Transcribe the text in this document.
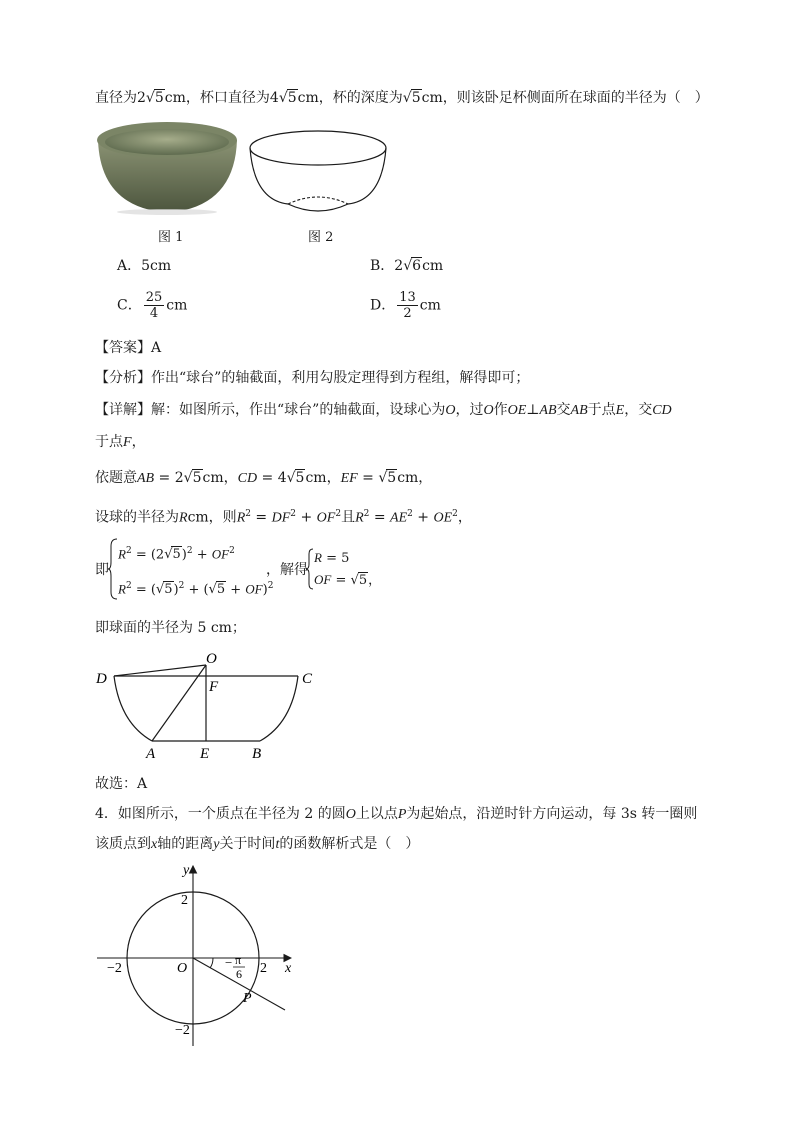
直径为2√5cm，杯口直径为4√5cm，杯的深度为√5cm，则该卧足杯侧面所在球面的半径为（　）
图 1	图 2
A．5cm	B．2√6cm
C． $\frac{25}{4}$ cm	D． $\frac{13}{2}$ cm
【答案】A
【分析】作出“球台”的轴截面，利用勾股定理得到方程组，解得即可；
【详解】解：如图所示，作出“球台”的轴截面，设球心为O，过O作OE⊥AB交AB于点E，交CD
于点F，
依题意AB = 2√5cm，CD = 4√5cm，EF = √5cm，
设球的半径为Rcm，则$R^2 = DF^2 + OF^2$且$R^2 = AE^2 + OE^2$，
即
$R^2 = (2√5)^2 + OF^2$
$R^2 = (√5)^2 + (√5 + OF)^2$
，解得
R = 5
OF = √5，
即球面的半径为 5 cm；
O
D	C
F
A	E	B
故选：A
4．如图所示，一个质点在半径为 2 的圆O上以点P为起始点，沿逆时针方向运动，每 3s 转一圈则
该质点到x轴的距离y关于时间t的函数解析式是（　）
y
x
2
−2
−2	2
O
P
− π
6
